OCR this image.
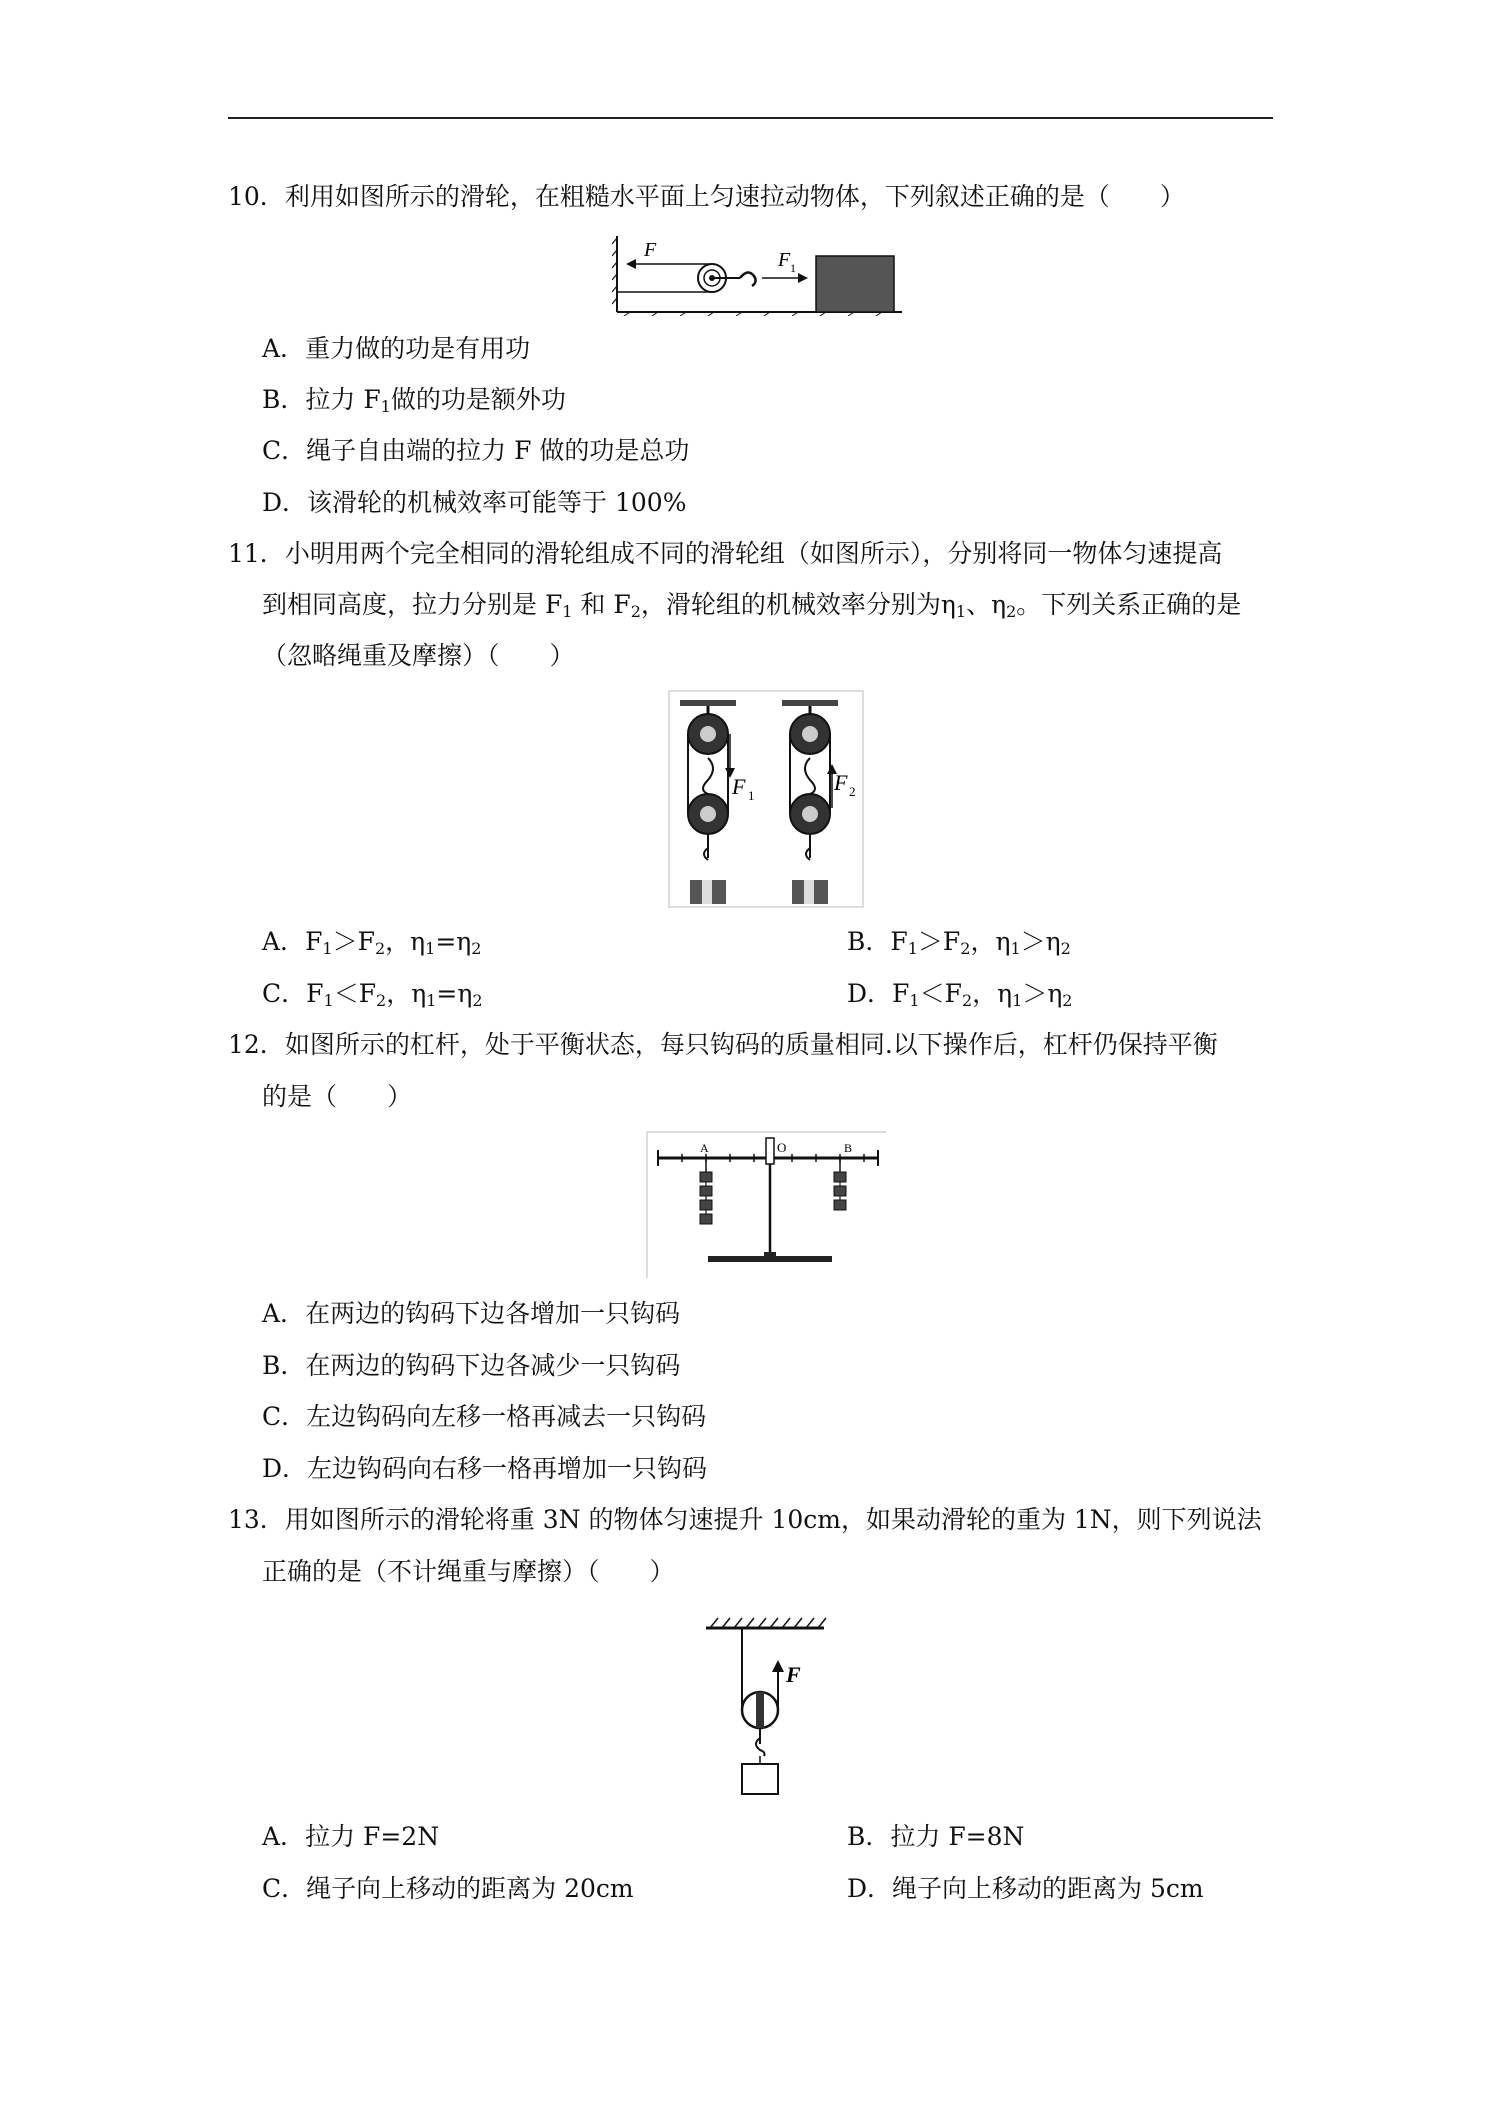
10．利用如图所示的滑轮，在粗糙水平面上匀速拉动物体，下列叙述正确的是（　　）
F	F 1
A．重力做的功是有用功
B．拉力 $F_1$做的功是额外功
C．绳子自由端的拉力 F 做的功是总功
D．该滑轮的机械效率可能等于 100%
11．小明用两个完全相同的滑轮组成不同的滑轮组（如图所示），分别将同一物体匀速提高
到相同高度，拉力分别是 $F_1$ 和 $F_2$，滑轮组的机械效率分别为$\eta_1$、$\eta_2$。下列关系正确的是
（忽略绳重及摩擦）（　　）
F 1
F 2
A．$F_1>F_2$，$\eta_1=\eta_2$	B．$F_1>F_2$，$\eta_1>\eta_2$
C．$F_1<F_2$，$\eta_1=\eta_2$	D．$F_1<F_2$，$\eta_1>\eta_2$
12．如图所示的杠杆，处于平衡状态，每只钩码的质量相同.以下操作后，杠杆仍保持平衡
的是（　　）
A	O	B
A．在两边的钩码下边各增加一只钩码
B．在两边的钩码下边各减少一只钩码
C．左边钩码向左移一格再减去一只钩码
D．左边钩码向右移一格再增加一只钩码
13．用如图所示的滑轮将重 3N 的物体匀速提升 10cm，如果动滑轮的重为 1N，则下列说法
正确的是（不计绳重与摩擦）（　　）
F
A．拉力 F=2N	B．拉力 F=8N
C．绳子向上移动的距离为 20cm	D．绳子向上移动的距离为 5cm
